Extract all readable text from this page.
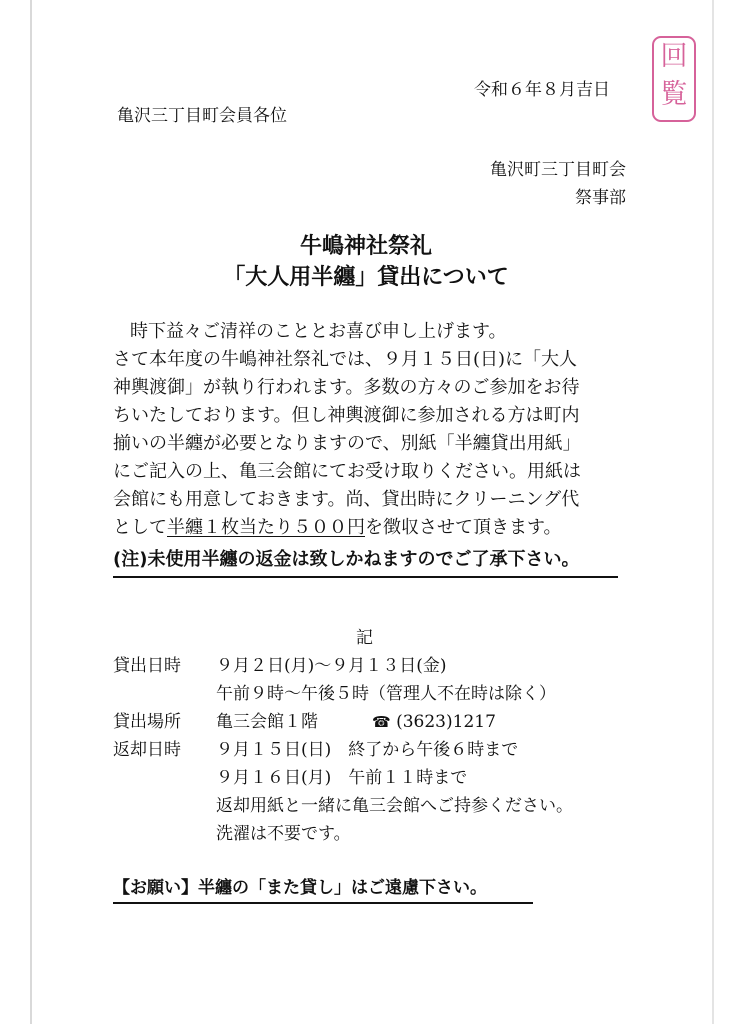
回
覧
令和６年８月吉日
亀沢三丁目町会員各位
亀沢町三丁目町会
祭事部
牛嶋神社祭礼
「大人用半纏」貸出について
時下益々ご清祥のこととお喜び申し上げます。
さて本年度の牛嶋神社祭礼では、９月１５日(日)に「大人
神輿渡御」が執り行われます。多数の方々のご参加をお待
ちいたしております。但し神輿渡御に参加される方は町内
揃いの半纏が必要となりますので、別紙「半纏貸出用紙」
にご記入の上、亀三会館にてお受け取りください。用紙は
会館にも用意しておきます。尚、貸出時にクリーニング代
として半纏１枚当たり５００円を徴収させて頂きます。
(注)未使用半纏の返金は致しかねますのでご了承下さい。
記
貸出日時 ９月２日(月)～９月１３日(金)
午前９時～午後５時（管理人不在時は除く）
貸出場所 亀三会館１階	☎ (3623)1217
返却日時 ９月１５日(日)　終了から午後６時まで
９月１６日(月)　午前１１時まで
返却用紙と一緒に亀三会館へご持参ください。
洗濯は不要です。
【お願い】半纏の「また貸し」はご遠慮下さい。
